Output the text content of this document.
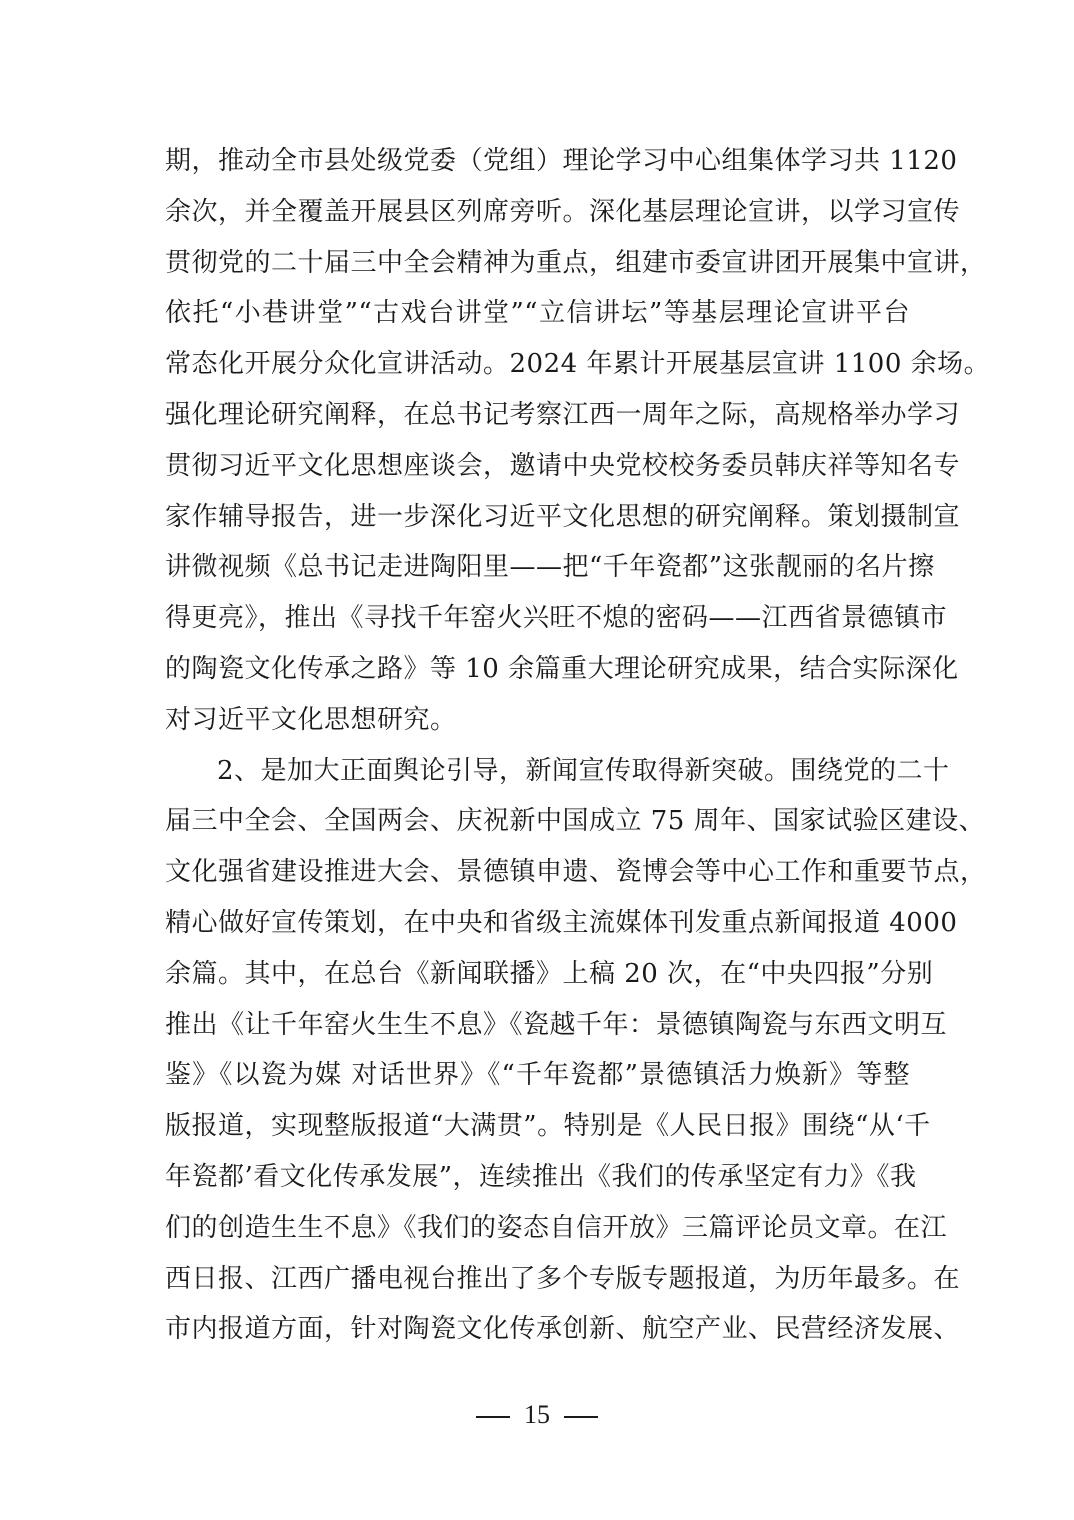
期，推动全市县处级党委（党组）理论学习中心组集体学习共 1120
余次，并全覆盖开展县区列席旁听。深化基层理论宣讲，以学习宣传
贯彻党的二十届三中全会精神为重点，组建市委宣讲团开展集中宣讲，
依托“小巷讲堂”“古戏台讲堂”“立信讲坛”等基层理论宣讲平台
常态化开展分众化宣讲活动。2024 年累计开展基层宣讲 1100 余场。
强化理论研究阐释，在总书记考察江西一周年之际，高规格举办学习
贯彻习近平文化思想座谈会，邀请中央党校校务委员韩庆祥等知名专
家作辅导报告，进一步深化习近平文化思想的研究阐释。策划摄制宣
讲微视频《总书记走进陶阳里——把“千年瓷都”这张靓丽的名片擦
得更亮》，推出《寻找千年窑火兴旺不熄的密码——江西省景德镇市
的陶瓷文化传承之路》等 10 余篇重大理论研究成果，结合实际深化
对习近平文化思想研究。
2、是加大正面舆论引导，新闻宣传取得新突破。围绕党的二十
届三中全会、全国两会、庆祝新中国成立 75 周年、国家试验区建设、
文化强省建设推进大会、景德镇申遗、瓷博会等中心工作和重要节点，
精心做好宣传策划，在中央和省级主流媒体刊发重点新闻报道 4000
余篇。其中，在总台《新闻联播》上稿 20 次，在“中央四报”分别
推出《让千年窑火生生不息》《瓷越千年：景德镇陶瓷与东西文明互
鉴》《以瓷为媒 对话世界》《“千年瓷都”景德镇活力焕新》等整
版报道，实现整版报道“大满贯”。特别是《人民日报》围绕“从‘千
年瓷都’看文化传承发展”，连续推出《我们的传承坚定有力》《我
们的创造生生不息》《我们的姿态自信开放》三篇评论员文章。在江
西日报、江西广播电视台推出了多个专版专题报道，为历年最多。在
市内报道方面，针对陶瓷文化传承创新、航空产业、民营经济发展、
15
